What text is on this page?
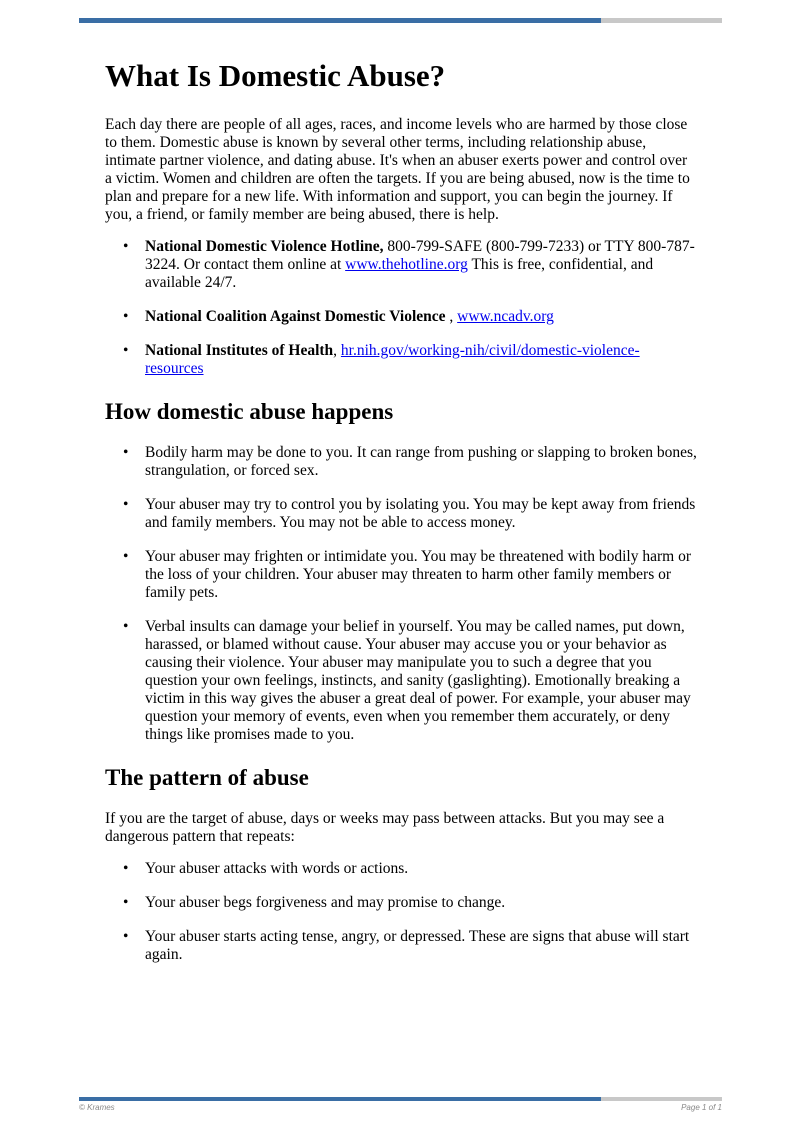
What Is Domestic Abuse?

Each day there are people of all ages, races, and income levels who are harmed by those close to them. Domestic abuse is known by several other terms, including relationship abuse, intimate partner violence, and dating abuse. It's when an abuser exerts power and control over a victim. Women and children are often the targets. If you are being abused, now is the time to plan and prepare for a new life. With information and support, you can begin the journey. If you, a friend, or family member are being abused, there is help.

• National Domestic Violence Hotline, 800-799-SAFE (800-799-7233) or TTY 800-787-3224. Or contact them online at www.thehotline.org This is free, confidential, and available 24/7.
• National Coalition Against Domestic Violence , www.ncadv.org
• National Institutes of Health, hr.nih.gov/working-nih/civil/domestic-violence-resources
How domestic abuse happens
• Bodily harm may be done to you. It can range from pushing or slapping to broken bones, strangulation, or forced sex.
• Your abuser may try to control you by isolating you. You may be kept away from friends and family members. You may not be able to access money.
• Your abuser may frighten or intimidate you. You may be threatened with bodily harm or the loss of your children. Your abuser may threaten to harm other family members or family pets.
• Verbal insults can damage your belief in yourself. You may be called names, put down, harassed, or blamed without cause. Your abuser may accuse you or your behavior as causing their violence. Your abuser may manipulate you to such a degree that you question your own feelings, instincts, and sanity (gaslighting). Emotionally breaking a victim in this way gives the abuser a great deal of power. For example, your abuser may question your memory of events, even when you remember them accurately, or deny things like promises made to you.
The pattern of abuse

If you are the target of abuse, days or weeks may pass between attacks. But you may see a dangerous pattern that repeats:

• Your abuser attacks with words or actions.
• Your abuser begs forgiveness and may promise to change.
• Your abuser starts acting tense, angry, or depressed. These are signs that abuse will start again.
© Krames	Page 1 of 1
